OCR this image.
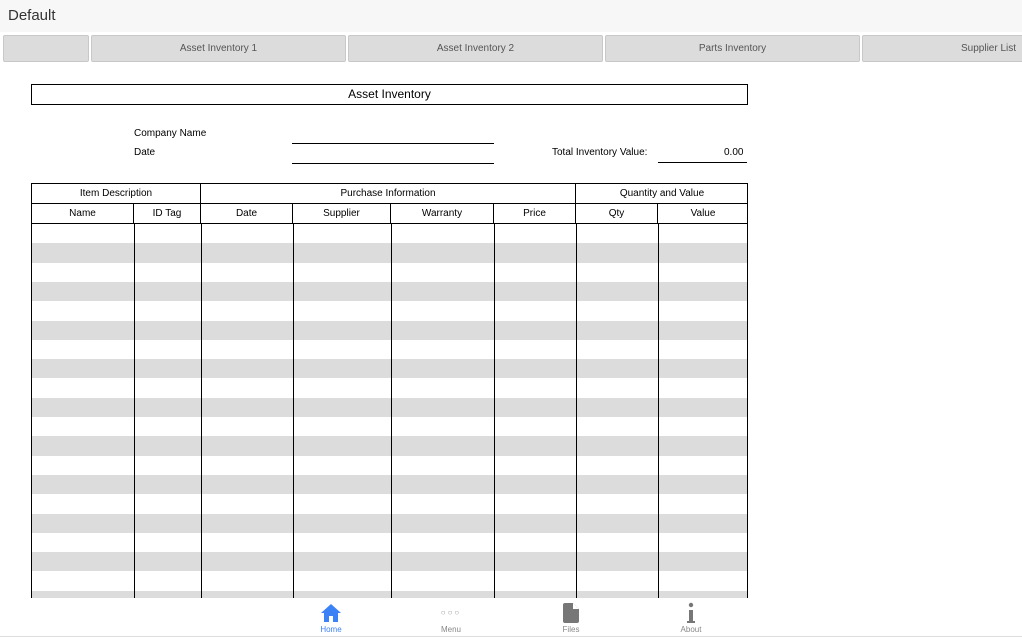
Default
Asset Inventory 1	Asset Inventory 2	Parts Inventory	Supplier List
Asset Inventory
Company Name
Date	Total Inventory Value:	0.00
Item Description	Purchase Information	Quantity and Value
Name	ID Tag	Date	Supplier	Warranty	Price	Qty	Value
Home
○○○
Menu	Files	About
